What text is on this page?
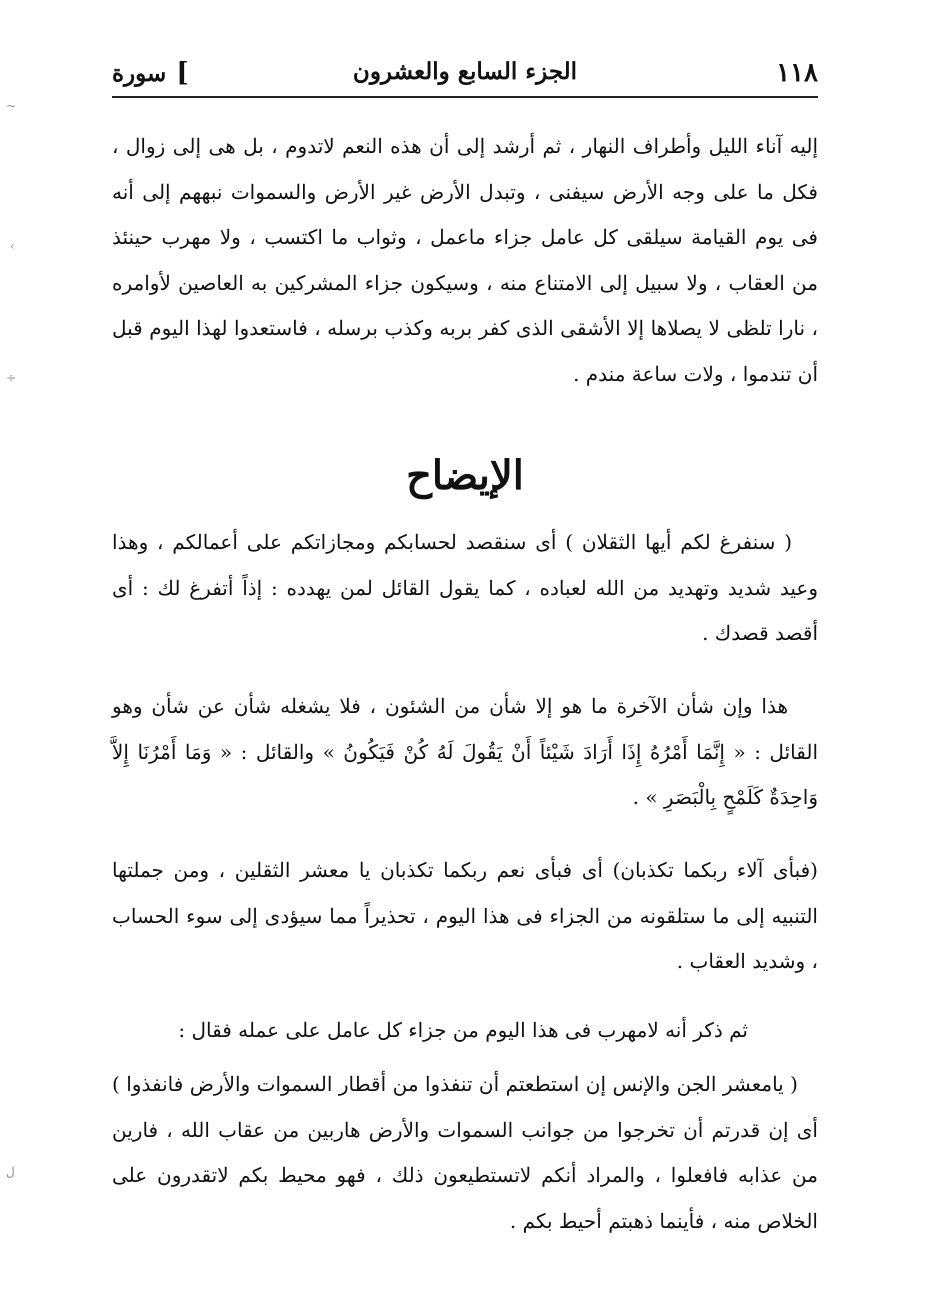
١١٨
الجزء السابع والعشرون
]سورة

إليه آناء الليل وأطراف النهار ، ثم أرشد إلى أن هذه النعم لاتدوم ، بل هى إلى زوال ، فكل ما على وجه الأرض سيفنى ، وتبدل الأرض غير الأرض والسموات نبههم إلى أنه فى يوم القيامة سيلقى كل عامل جزاء ماعمل ، وثواب ما اكتسب ، ولا مهرب حينئذ من العقاب ، ولا سبيل إلى الامتناع منه ، وسيكون جزاء المشركين به العاصين لأوامره ، نارا تلظى لا يصلاها إلا الأشقى الذى كفر بربه وكذب برسله ، فاستعدوا لهذا اليوم قبل أن تندموا ، ولات ساعة مندم .

الإيضاح

( سنفرغ لكم أيها الثقلان ) أى سنقصد لحسابكم ومجازاتكم على أعمالكم ، وهذا وعيد شديد وتهديد من الله لعباده ، كما يقول القائل لمن يهدده : إذاً أتفرغ لك : أى أقصد قصدك .

هذا وإن شأن الآخرة ما هو إلا شأن من الشئون ، فلا يشغله شأن عن شأن وهو القائل : « إِنَّمَا أَمْرُهُ إِذَا أَرَادَ شَيْئاً أَنْ يَقُولَ لَهُ كُنْ فَيَكُونُ » والقائل : « وَمَا أَمْرُنَا إِلاَّ وَاحِدَةٌ كَلَمْحٍ بِالْبَصَرِ » .

(فبأى آلاء ربكما تكذبان) أى فبأى نعم ربكما تكذبان يا معشر الثقلين ، ومن جملتها التنبيه إلى ما ستلقونه من الجزاء فى هذا اليوم ، تحذيراً مما سيؤدى إلى سوء الحساب ، وشديد العقاب .

ثم ذكر أنه لامهرب فى هذا اليوم من جزاء كل عامل على عمله فقال :

( يامعشر الجن والإنس إن استطعتم أن تنفذوا من أقطار السموات والأرض فانفذوا ) أى إن قدرتم أن تخرجوا من جوانب السموات والأرض هاربين من عقاب الله ، فارين من عذابه فافعلوا ، والمراد أنكم لاتستطيعون ذلك ، فهو محيط بكم لاتقدرون على الخلاص منه ، فأينما ذهبتم أحيط بكم .

~
‹
÷
ﻝ
